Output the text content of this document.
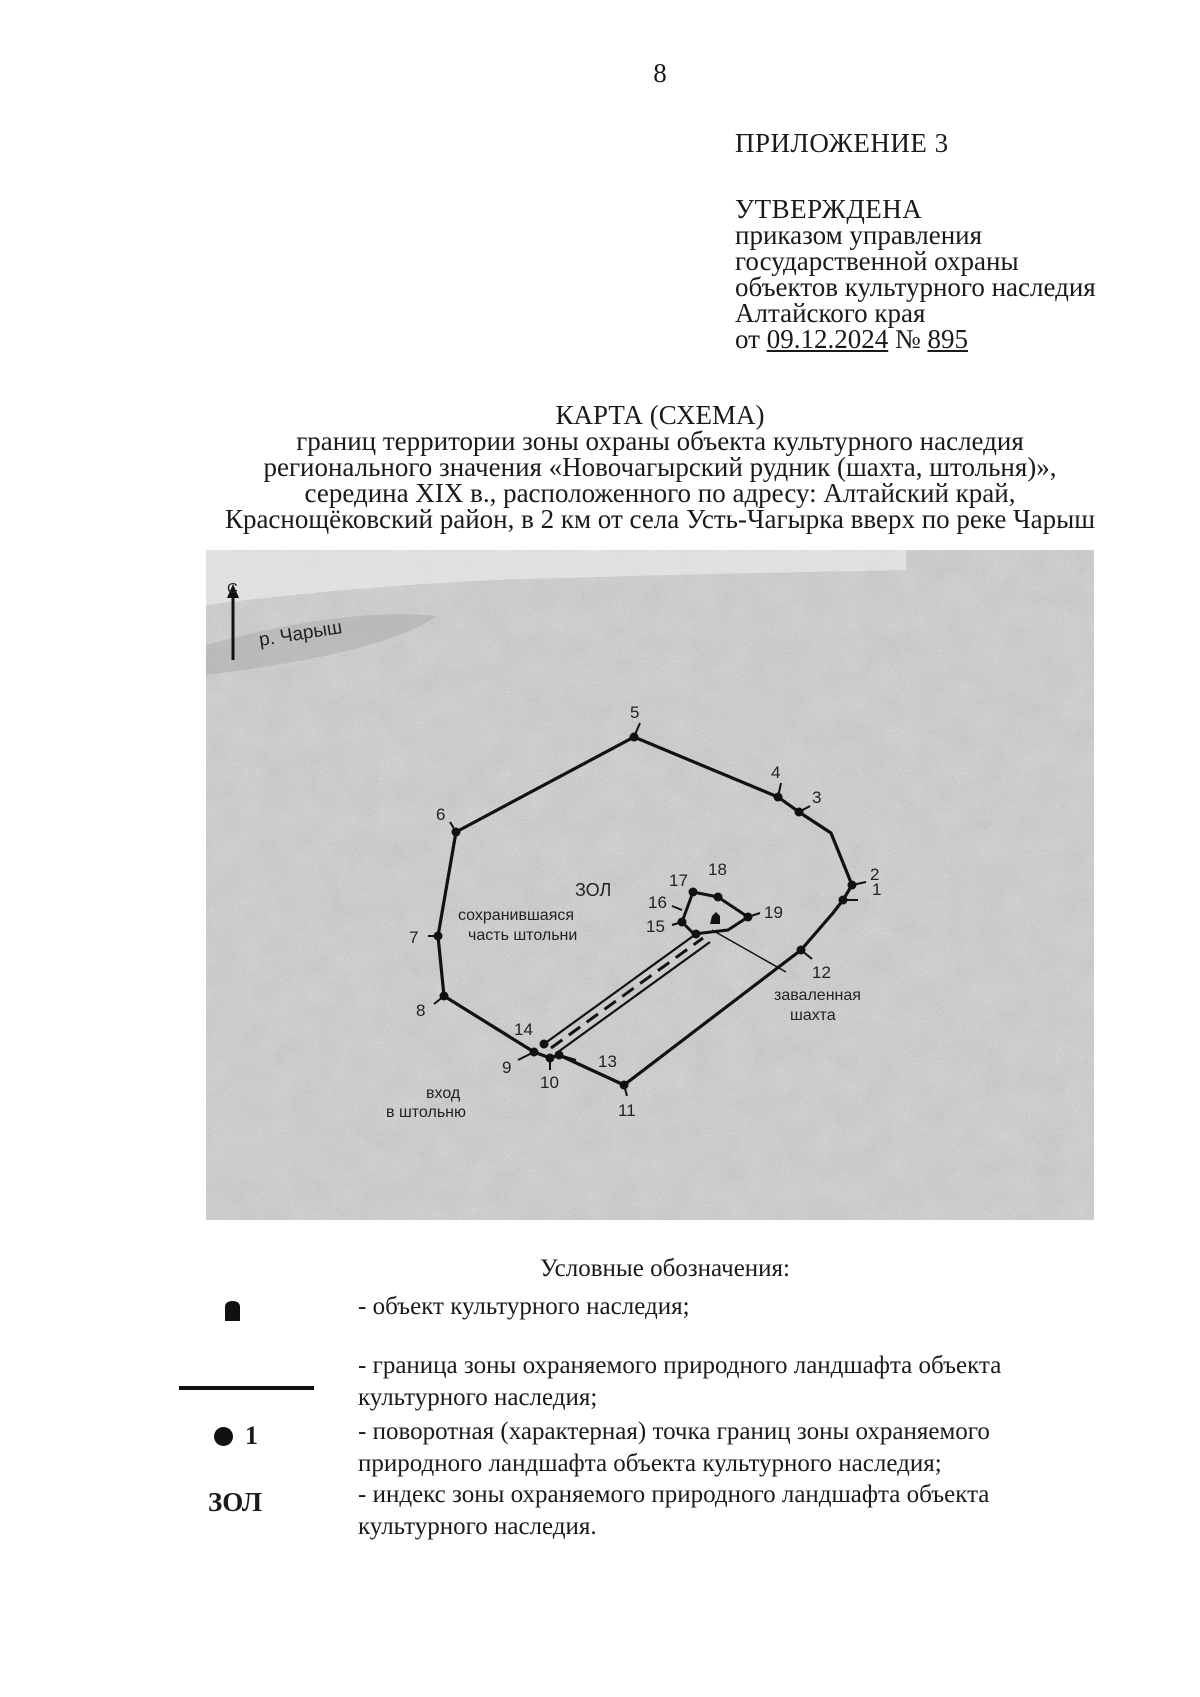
8
ПРИЛОЖЕНИЕ 3
УТВЕРЖДЕНА
приказом управления
государственной охраны
объектов культурного наследия
Алтайского края
от 09.12.2024 № 895
КАРТА (СХЕМА)
границ территории зоны охраны объекта культурного наследия
регионального значения «Новочагырский рудник (шахта, штольня)»,
середина XIX в., расположенного по адресу: Алтайский край,
Краснощёковский район, в 2 км от села Усть-Чагырка вверх по реке Чарыш
С
р. Чарыш
1
2
3
4
5
6
7
8
9
10
11
12
13
14
15
16
17
18
19
ЗОЛ
сохранившаяся
часть штольни
заваленная
шахта
вход
в штольню
Условные обозначения:
- объект культурного наследия;
- граница зоны охраняемого природного ландшафта объекта
культурного наследия;
1	- поворотная (характерная) точка границ зоны охраняемого
природного ландшафта объекта культурного наследия;
ЗОЛ	- индекс зоны охраняемого природного ландшафта объекта
культурного наследия.
